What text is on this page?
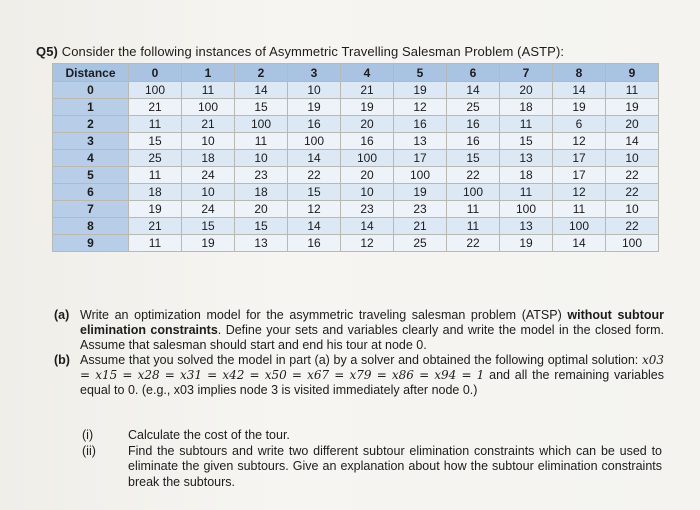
Q5) Consider the following instances of Asymmetric Travelling Salesman Problem (ASTP):
Distance	0	1	2	3	4	5	6	7	8	9
0	100	11	14	10	21	19	14	20	14	11
1	21	100	15	19	19	12	25	18	19	19
2	11	21	100	16	20	16	16	11	6	20
3	15	10	11	100	16	13	16	15	12	14
4	25	18	10	14	100	17	15	13	17	10
5	11	24	23	22	20	100	22	18	17	22
6	18	10	18	15	10	19	100	11	12	22
7	19	24	20	12	23	23	11	100	11	10
8	21	15	15	14	14	21	11	13	100	22
9	11	19	13	16	12	25	22	19	14	100
(a) Write an optimization model for the asymmetric traveling salesman problem (ATSP) without subtour elimination constraints. Define your sets and variables clearly and write the model in the closed form. Assume that salesman should start and end his tour at node 0.
(b) Assume that you solved the model in part (a) by a solver and obtained the following optimal solution: x03 = x15 = x28 = x31 = x42 = x50 = x67 = x79 = x86 = x94 = 1 and all the remaining variables equal to 0. (e.g., x03 implies node 3 is visited immediately after node 0.)
(i)	Calculate the cost of the tour.
(ii)	Find the subtours and write two different subtour elimination constraints which can be used to eliminate the given subtours. Give an explanation about how the subtour elimination constraints break the subtours.
